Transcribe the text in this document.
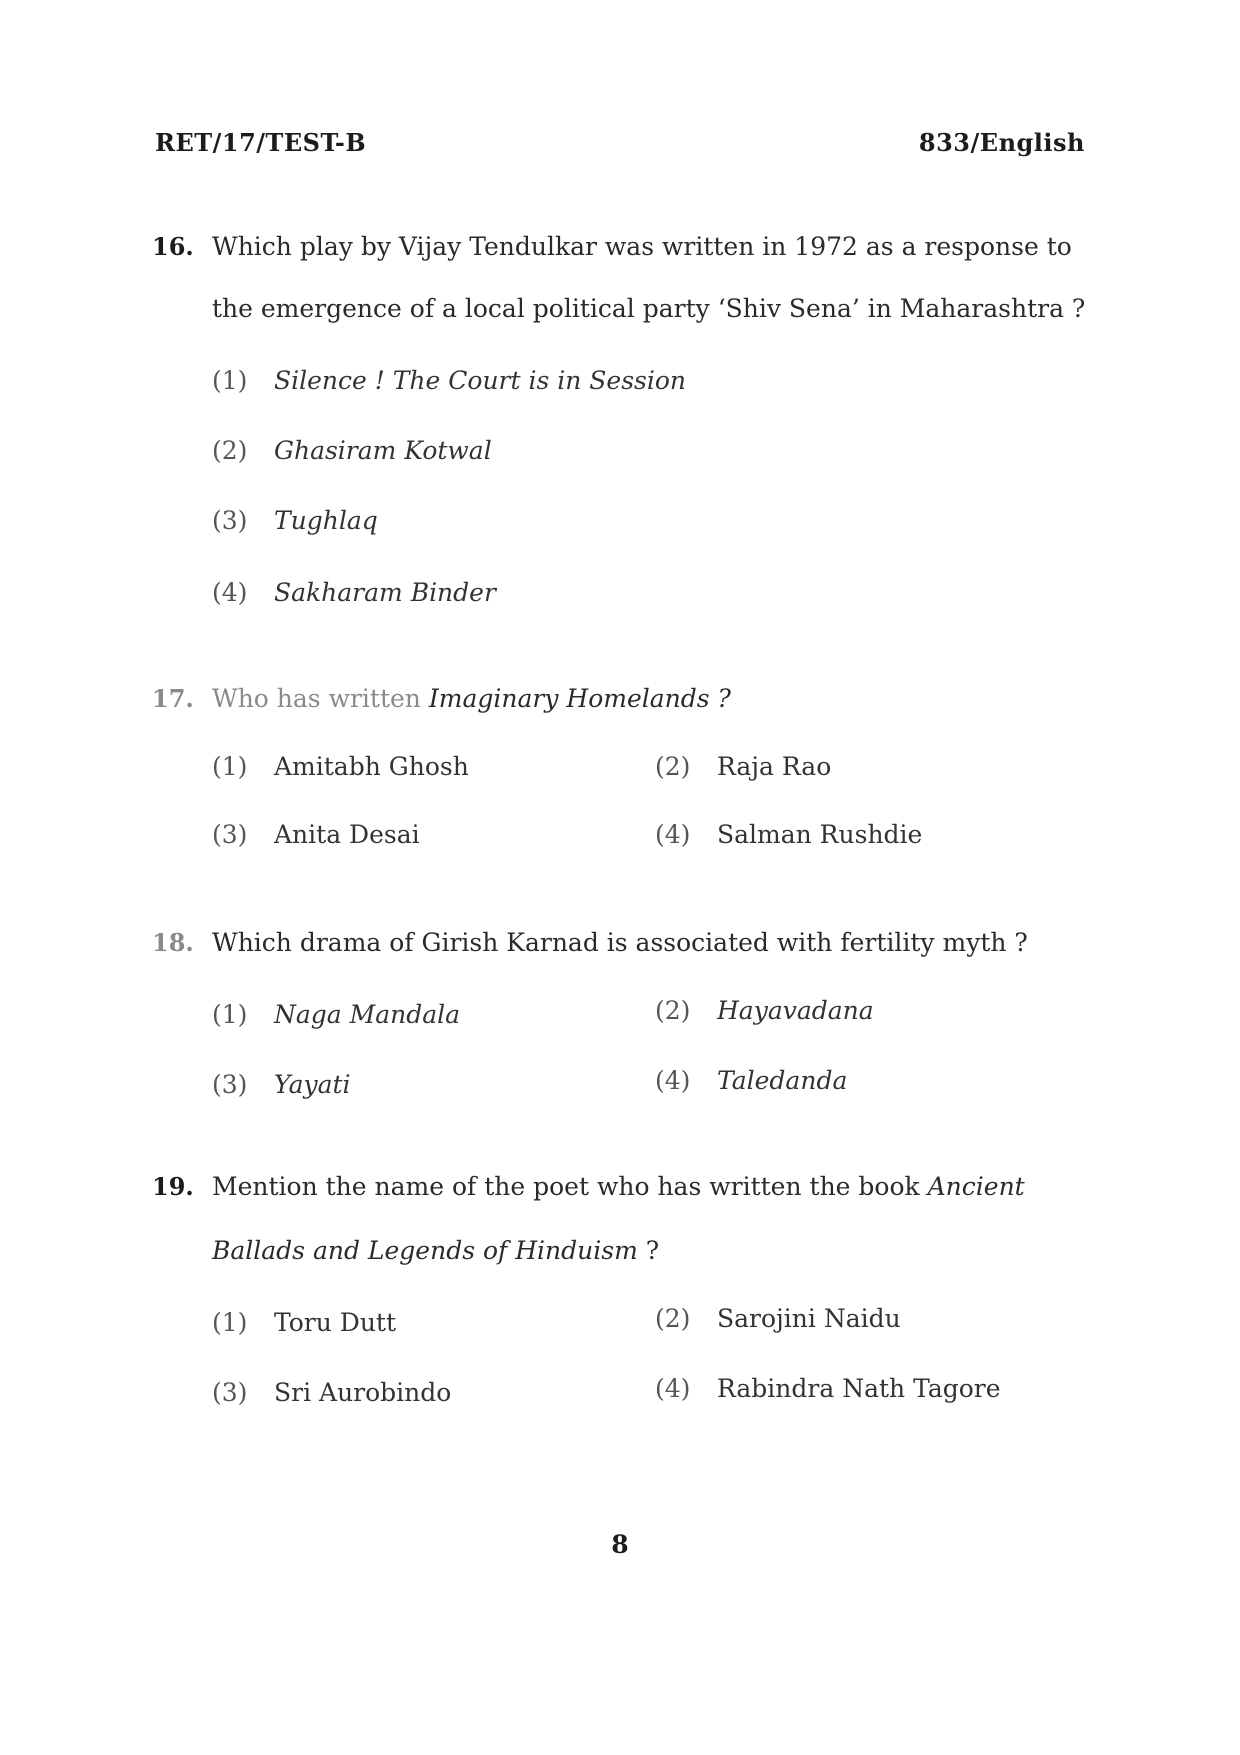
RET/17/TEST-B	833/English
16. Which play by Vijay Tendulkar was written in 1972 as a response to
the emergence of a local political party ‘Shiv Sena’ in Maharashtra ?
(1) Silence ! The Court is in Session
(2) Ghasiram Kotwal
(3) Tughlaq
(4) Sakharam Binder
17. Who has written Imaginary Homelands ?
(1) Amitabh Ghosh	(2) Raja Rao
(3) Anita Desai	(4) Salman Rushdie
18. Which drama of Girish Karnad is associated with fertility myth ?
(1) Naga Mandala	(2) Hayavadana
(3) Yayati	(4) Taledanda
19. Mention the name of the poet who has written the book Ancient
Ballads and Legends of Hinduism ?
(1) Toru Dutt	(2) Sarojini Naidu
(3) Sri Aurobindo	(4) Rabindra Nath Tagore
8
